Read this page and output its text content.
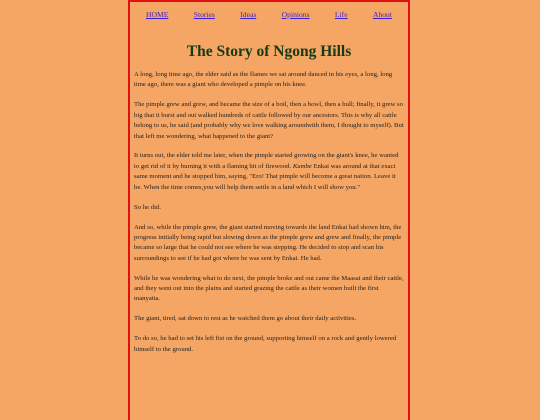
HOME	Stories	Ideas	Opinions	Life	About
The Story of Ngong Hills

A long, long time ago, the elder said as the flames we sat around danced in his eyes, a long, long time ago, there was a giant who developed a pimple on his knee.

The pimple grew and grew, and became the size of a boil, then a bowl, then a bull; finally, it grew so big that it burst and out walked hundreds of cattle followed by our ancestors. This is why all cattle belong to us, he said (and probably why we love walking aroundwith them, I thought to myself). But that left me wondering, what happened to the giant?

It turns out, the elder told me later, when the pimple started growing on the giant's knee, he wanted to get rid of it by burning it with a flaming bit of firewood. Kumbe Enkai was around at that exact same moment and he stopped him, saying, "Ero! That pimple will become a great nation. Leave it be. When the time comes,you will help them settle in a land which I will show you."

So he did.

And so, while the pimple grew, the giant started moving towards the land Enkai had shown him, the progress initially being rapid but slowing down as the pimple grew and grew and finally, the pimple became so large that he could not see where he was stepping. He decided to stop and scan his surroundings to see if he had got where he was sent by Enkai. He had.

While he was wondering what to do next, the pimple broke and out came the Maasai and their cattle, and they went out into the plains and started grazing the cattle as their women built the first manyatta.

The giant, tired, sat down to rest as he watched them go about their daily activities.

To do so, he had to set his left fist on the ground, supporting himself on a rock and gently lowered himself to the ground.
